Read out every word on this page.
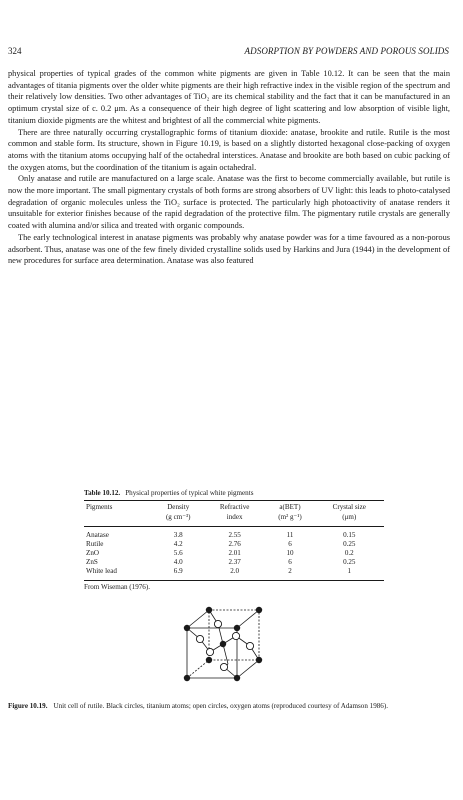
324	ADSORPTION BY POWDERS AND POROUS SOLIDS

physical properties of typical grades of the common white pigments are given in Table 10.12. It can be seen that the main advantages of titania pigments over the older white pigments are their high refractive index in the visible region of the spectrum and their relatively low densities. Two other advantages of TiO₂ are its chemical stability and the fact that it can be manufactured in an optimum crystal size of c. 0.2 μm. As a consequence of their high degree of light scattering and low absorption of visible light, titanium dioxide pigments are the whitest and brightest of all the commercial white pigments.

There are three naturally occurring crystallographic forms of titanium dioxide: anatase, brookite and rutile. Rutile is the most common and stable form. Its structure, shown in Figure 10.19, is based on a slightly distorted hexagonal close-packing of oxygen atoms with the titanium atoms occupying half of the octahedral interstices. Anatase and brookite are both based on cubic packing of the oxygen atoms, but the coordination of the titanium is again octahedral.

Only anatase and rutile are manufactured on a large scale. Anatase was the first to become commercially available, but rutile is now the more important. The small pigmentary crystals of both forms are strong absorbers of UV light: this leads to photo-catalysed degradation of organic molecules unless the TiO₂ surface is protected. The particularly high photoactivity of anatase renders it unsuitable for exterior finishes because of the rapid degradation of the protective film. The pigmentary rutile crystals are generally coated with alumina and/or silica and treated with organic compounds.

The early technological interest in anatase pigments was probably why anatase powder was for a time favoured as a non-porous adsorbent. Thus, anatase was one of the few finely divided crystalline solids used by Harkins and Jura (1944) in the development of new procedures for surface area determination. Anatase was also featured

Table 10.12. Physical properties of typical white pigments
Pigments	Density	Refractive	a(BET)	Crystal size
	(g cm⁻³)	index	(m² g⁻¹)	(μm)
Anatase	3.8	2.55	11	0.15
Rutile	4.2	2.76	6	0.25
ZnO	5.6	2.01	10	0.2
ZnS	4.0	2.37	6	0.25
White lead	6.9	2.0	2	1
From Wiseman (1976).
Figure 10.19. Unit cell of rutile. Black circles, titanium atoms; open circles, oxygen atoms (reproduced courtesy of Adamson 1986).
